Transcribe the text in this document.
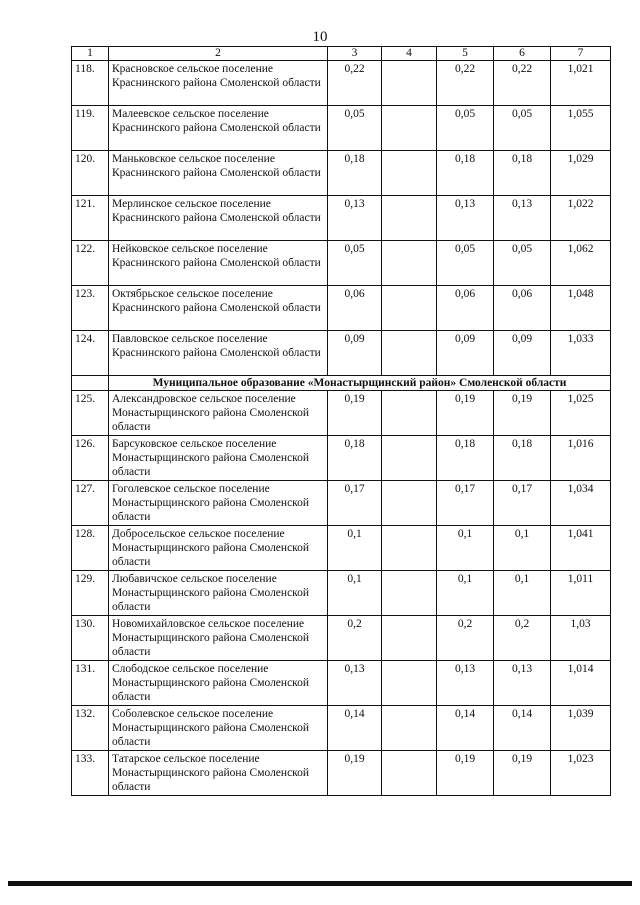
10
1	2	3	4	5	6	7
118.	Красновское сельское поселение Краснинского района Смоленской области	0,22		0,22	0,22	1,021
119.	Малеевское сельское поселение Краснинского района Смоленской области	0,05		0,05	0,05	1,055
120.	Маньковское сельское поселение Краснинского района Смоленской области	0,18		0,18	0,18	1,029
121.	Мерлинское сельское поселение Краснинского района Смоленской области	0,13		0,13	0,13	1,022
122.	Нейковское сельское поселение Краснинского района Смоленской области	0,05		0,05	0,05	1,062
123.	Октябрьское сельское поселение Краснинского района Смоленской области	0,06		0,06	0,06	1,048
124.	Павловское сельское поселение Краснинского района Смоленской области	0,09		0,09	0,09	1,033
	Муниципальное образование «Монастырщинский район» Смоленской области					
125.	Александровское сельское поселение Монастырщинского района Смоленской области	0,19		0,19	0,19	1,025
126.	Барсуковское сельское поселение Монастырщинского района Смоленской области	0,18		0,18	0,18	1,016
127.	Гоголевское сельское поселение Монастырщинского района Смоленской области	0,17		0,17	0,17	1,034
128.	Добросельское сельское поселение Монастырщинского района Смоленской области	0,1		0,1	0,1	1,041
129.	Любавичское сельское поселение Монастырщинского района Смоленской области	0,1		0,1	0,1	1,011
130.	Новомихайловское сельское поселение Монастырщинского района Смоленской области	0,2		0,2	0,2	1,03
131.	Слободское сельское поселение Монастырщинского района Смоленской области	0,13		0,13	0,13	1,014
132.	Соболевское сельское поселение Монастырщинского района Смоленской области	0,14		0,14	0,14	1,039
133.	Татарское сельское поселение Монастырщинского района Смоленской области	0,19		0,19	0,19	1,023
